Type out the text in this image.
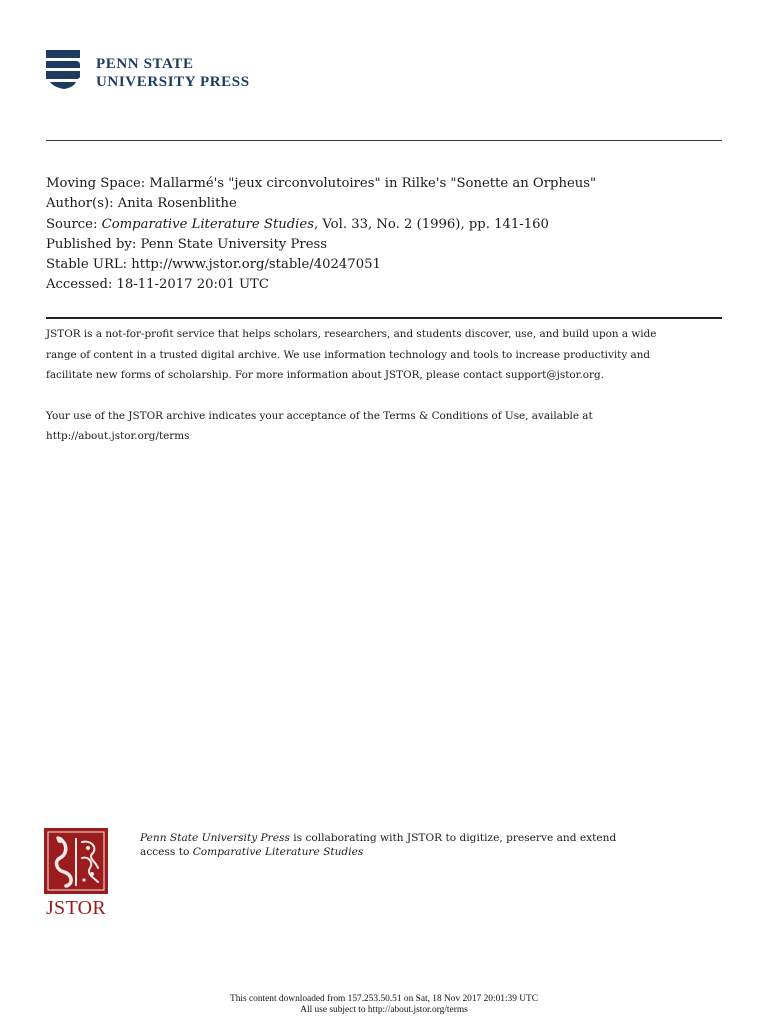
PENN STATE
UNIVERSITY PRESS
Moving Space: Mallarmé's "jeux circonvolutoires" in Rilke's "Sonette an Orpheus"
Author(s): Anita Rosenblithe
Source: Comparative Literature Studies, Vol. 33, No. 2 (1996), pp. 141-160
Published by: Penn State University Press
Stable URL: http://www.jstor.org/stable/40247051
Accessed: 18-11-2017 20:01 UTC
JSTOR is a not-for-profit service that helps scholars, researchers, and students discover, use, and build upon a wide
range of content in a trusted digital archive. We use information technology and tools to increase productivity and
facilitate new forms of scholarship. For more information about JSTOR, please contact support@jstor.org.
Your use of the JSTOR archive indicates your acceptance of the Terms & Conditions of Use, available at
http://about.jstor.org/terms
JSTOR
Penn State University Press is collaborating with JSTOR to digitize, preserve and extend
access to Comparative Literature Studies
This content downloaded from 157.253.50.51 on Sat, 18 Nov 2017 20:01:39 UTC
All use subject to http://about.jstor.org/terms
